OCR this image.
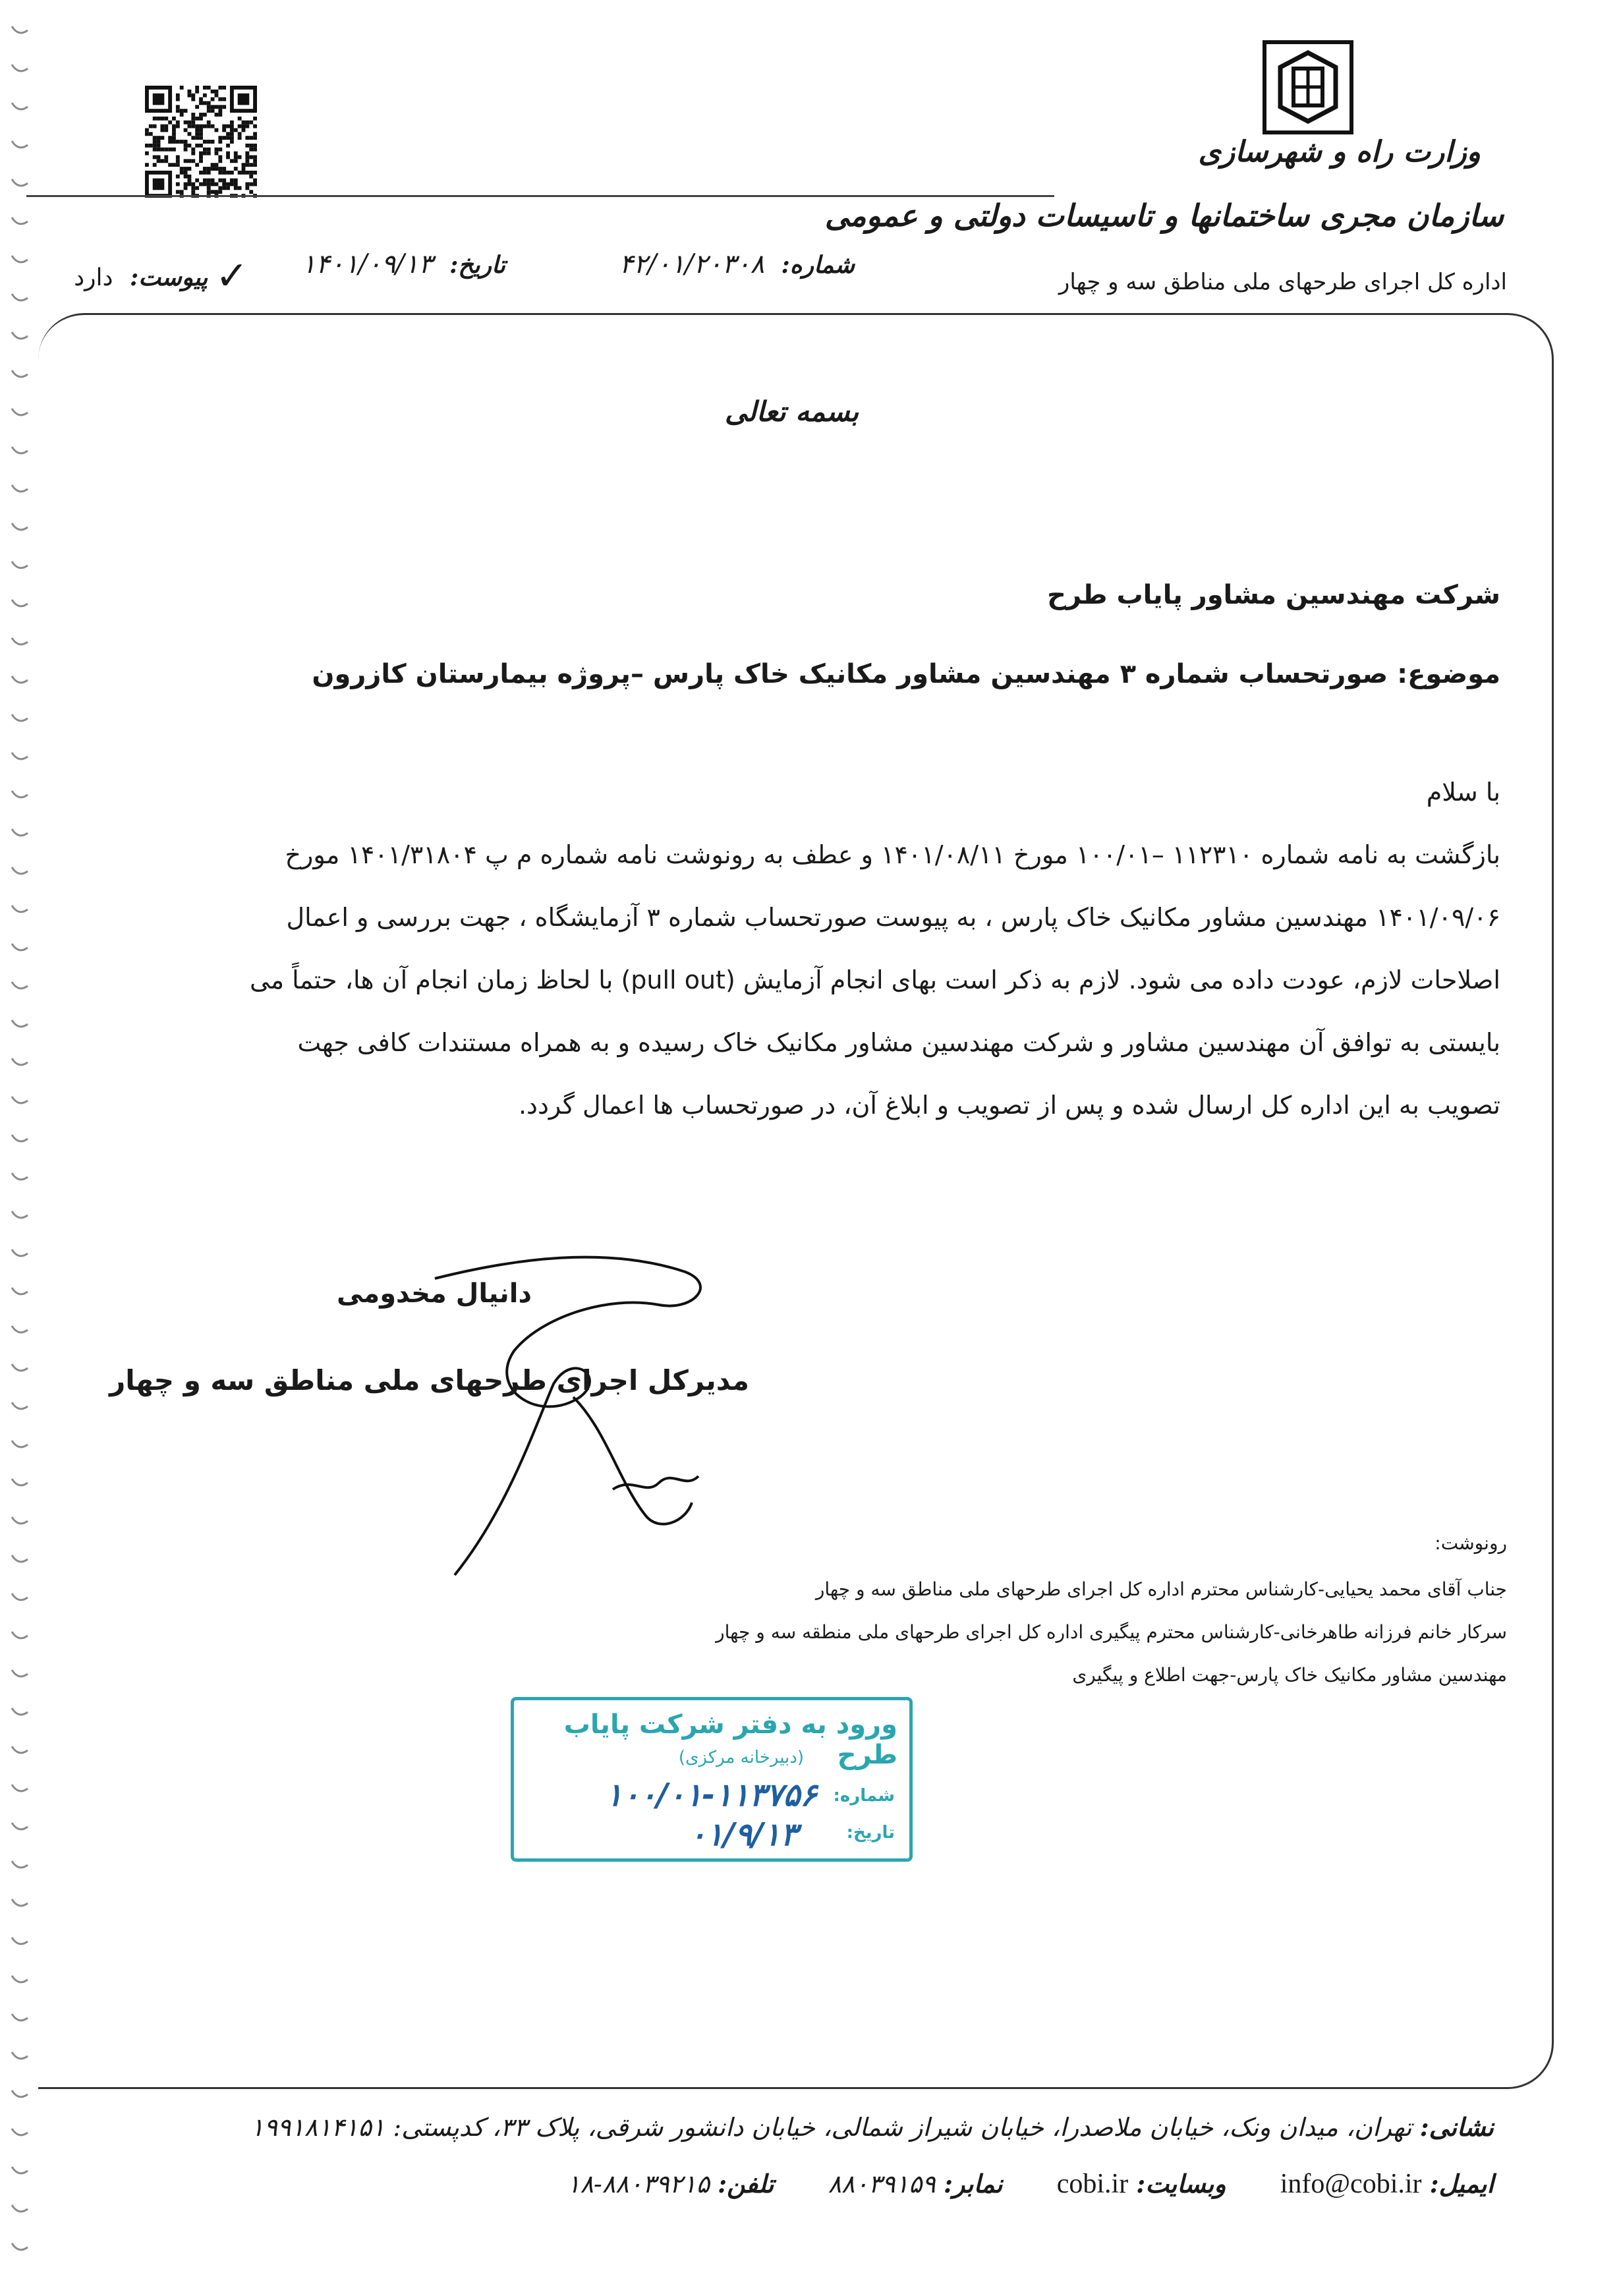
وزارت راه و شهرسازی
سازمان مجری ساختمانها و تاسیسات دولتی و عمومی
اداره کل اجرای طرحهای ملی مناطق سه و چهار
شماره: ۴۲/۰۱/۲۰۳۰۸
تاریخ: ۱۴۰۱/۰۹/۱۳
✓ پیوست: دارد
بسمه تعالی
شرکت مهندسین مشاور پایاب طرح
موضوع: صورتحساب شماره ۳ مهندسین مشاور مکانیک خاک پارس –پروژه بیمارستان کازرون
با سلام
بازگشت به نامه شماره ۱۱۲۳۱۰ –۱۰۰/۰۱ مورخ ۱۴۰۱/۰۸/۱۱ و عطف به رونوشت نامه شماره م پ ۱۴۰۱/۳۱۸۰۴ مورخ
۱۴۰۱/۰۹/۰۶ مهندسین مشاور مکانیک خاک پارس ، به پیوست صورتحساب شماره ۳ آزمایشگاه ، جهت بررسی و اعمال
اصلاحات لازم، عودت داده می شود. لازم به ذکر است بهای انجام آزمایش (pull out) با لحاظ زمان انجام آن ها، حتماً می
بایستی به توافق آن مهندسین مشاور و شرکت مهندسین مشاور مکانیک خاک رسیده و به همراه مستندات کافی جهت
تصویب به این اداره کل ارسال شده و پس از تصویب و ابلاغ آن، در صورتحساب ها اعمال گردد.
دانیال مخدومی
مدیرکل اجرای طرحهای ملی مناطق سه و چهار
رونوشت:
جناب آقای محمد یحیایی-کارشناس محترم اداره کل اجرای طرحهای ملی مناطق سه و چهار
سرکار خانم فرزانه طاهرخانی-کارشناس محترم پیگیری اداره کل اجرای طرحهای ملی منطقه سه و چهار
مهندسین مشاور مکانیک خاک پارس-جهت اطلاع و پیگیری
ورود به دفتر شرکت پایاب طرح
(دبیرخانه مرکزی)
شماره:
۱۰۰/۰۱-۱۱۳۷۵۶
تاریخ:
۰۱/۹/۱۳
نشانی: تهران، میدان ونک، خیابان ملاصدرا، خیابان شیراز شمالی، خیابان دانشور شرقی، پلاک ۳۳، کدپستی: ۱۹۹۱۸۱۴۱۵۱
تلفن: ۸۸۰۳۹۲۱۵-۱۸	نمابر: ۸۸۰۳۹۱۵۹	وبسایت: cobi.ir	ایمیل: info@cobi.ir
